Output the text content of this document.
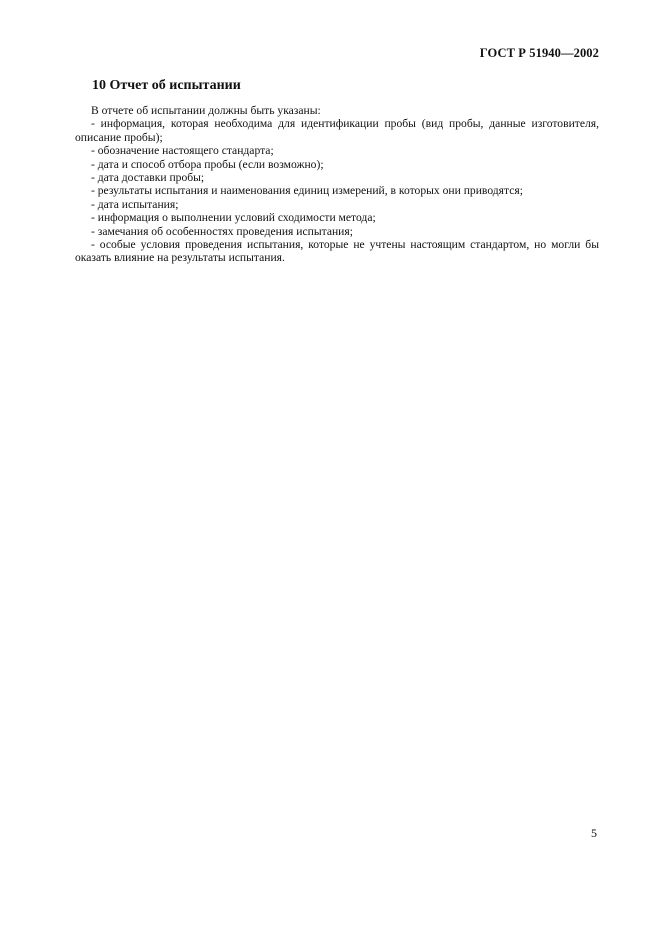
ГОСТ Р 51940—2002
10 Отчет об испытании

В отчете об испытании должны быть указаны:

- информация, которая необходима для идентификации пробы (вид пробы, данные изготовителя, описание пробы);

- обозначение настоящего стандарта;

- дата и способ отбора пробы (если возможно);

- дата доставки пробы;

- результаты испытания и наименования единиц измерений, в которых они приводятся;

- дата испытания;

- информация о выполнении условий сходимости метода;

- замечания об особенностях проведения испытания;

- особые условия проведения испытания, которые не учтены настоящим стандартом, но могли бы оказать влияние на результаты испытания.

5
